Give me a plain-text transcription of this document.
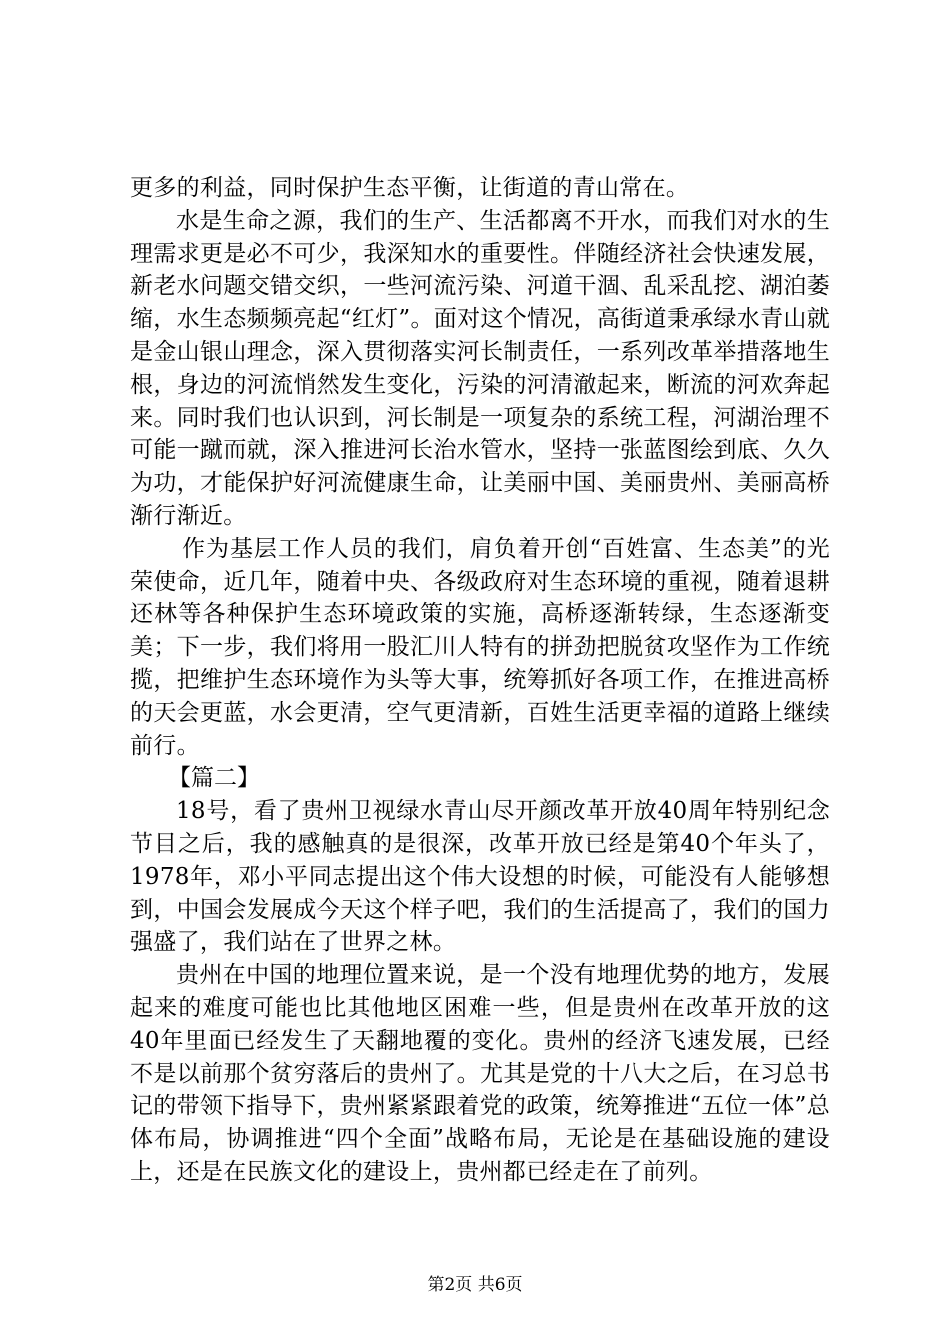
更多的利益，同时保护生态平衡，让街道的青山常在。

水是生命之源，我们的生产、生活都离不开水，而我们对水的生理需求更是必不可少，我深知水的重要性。伴随经济社会快速发展，新老水问题交错交织，一些河流污染、河道干涸、乱采乱挖、湖泊萎缩，水生态频频亮起“红灯”。面对这个情况，高街道秉承绿水青山就是金山银山理念，深入贯彻落实河长制责任，一系列改革举措落地生根，身边的河流悄然发生变化，污染的河清澈起来，断流的河欢奔起来。同时我们也认识到，河长制是一项复杂的系统工程，河湖治理不可能一蹴而就，深入推进河长治水管水，坚持一张蓝图绘到底、久久为功，才能保护好河流健康生命，让美丽中国、美丽贵州、美丽高桥渐行渐近。

作为基层工作人员的我们，肩负着开创“百姓富、生态美”的光荣使命，近几年，随着中央、各级政府对生态环境的重视，随着退耕还林等各种保护生态环境政策的实施，高桥逐渐转绿，生态逐渐变美；下一步，我们将用一股汇川人特有的拼劲把脱贫攻坚作为工作统揽，把维护生态环境作为头等大事，统筹抓好各项工作，在推进高桥的天会更蓝，水会更清，空气更清新，百姓生活更幸福的道路上继续前行。

【篇二】

18号，看了贵州卫视绿水青山尽开颜改革开放40周年特别纪念节目之后，我的感触真的是很深，改革开放已经是第40个年头了，1978年，邓小平同志提出这个伟大设想的时候，可能没有人能够想到，中国会发展成今天这个样子吧，我们的生活提高了，我们的国力强盛了，我们站在了世界之林。

贵州在中国的地理位置来说，是一个没有地理优势的地方，发展起来的难度可能也比其他地区困难一些，但是贵州在改革开放的这40年里面已经发生了天翻地覆的变化。贵州的经济飞速发展，已经不是以前那个贫穷落后的贵州了。尤其是党的十八大之后，在习总书记的带领下指导下，贵州紧紧跟着党的政策，统筹推进“五位一体”总体布局，协调推进“四个全面”战略布局，无论是在基础设施的建设上，还是在民族文化的建设上，贵州都已经走在了前列。

第2页 共6页
